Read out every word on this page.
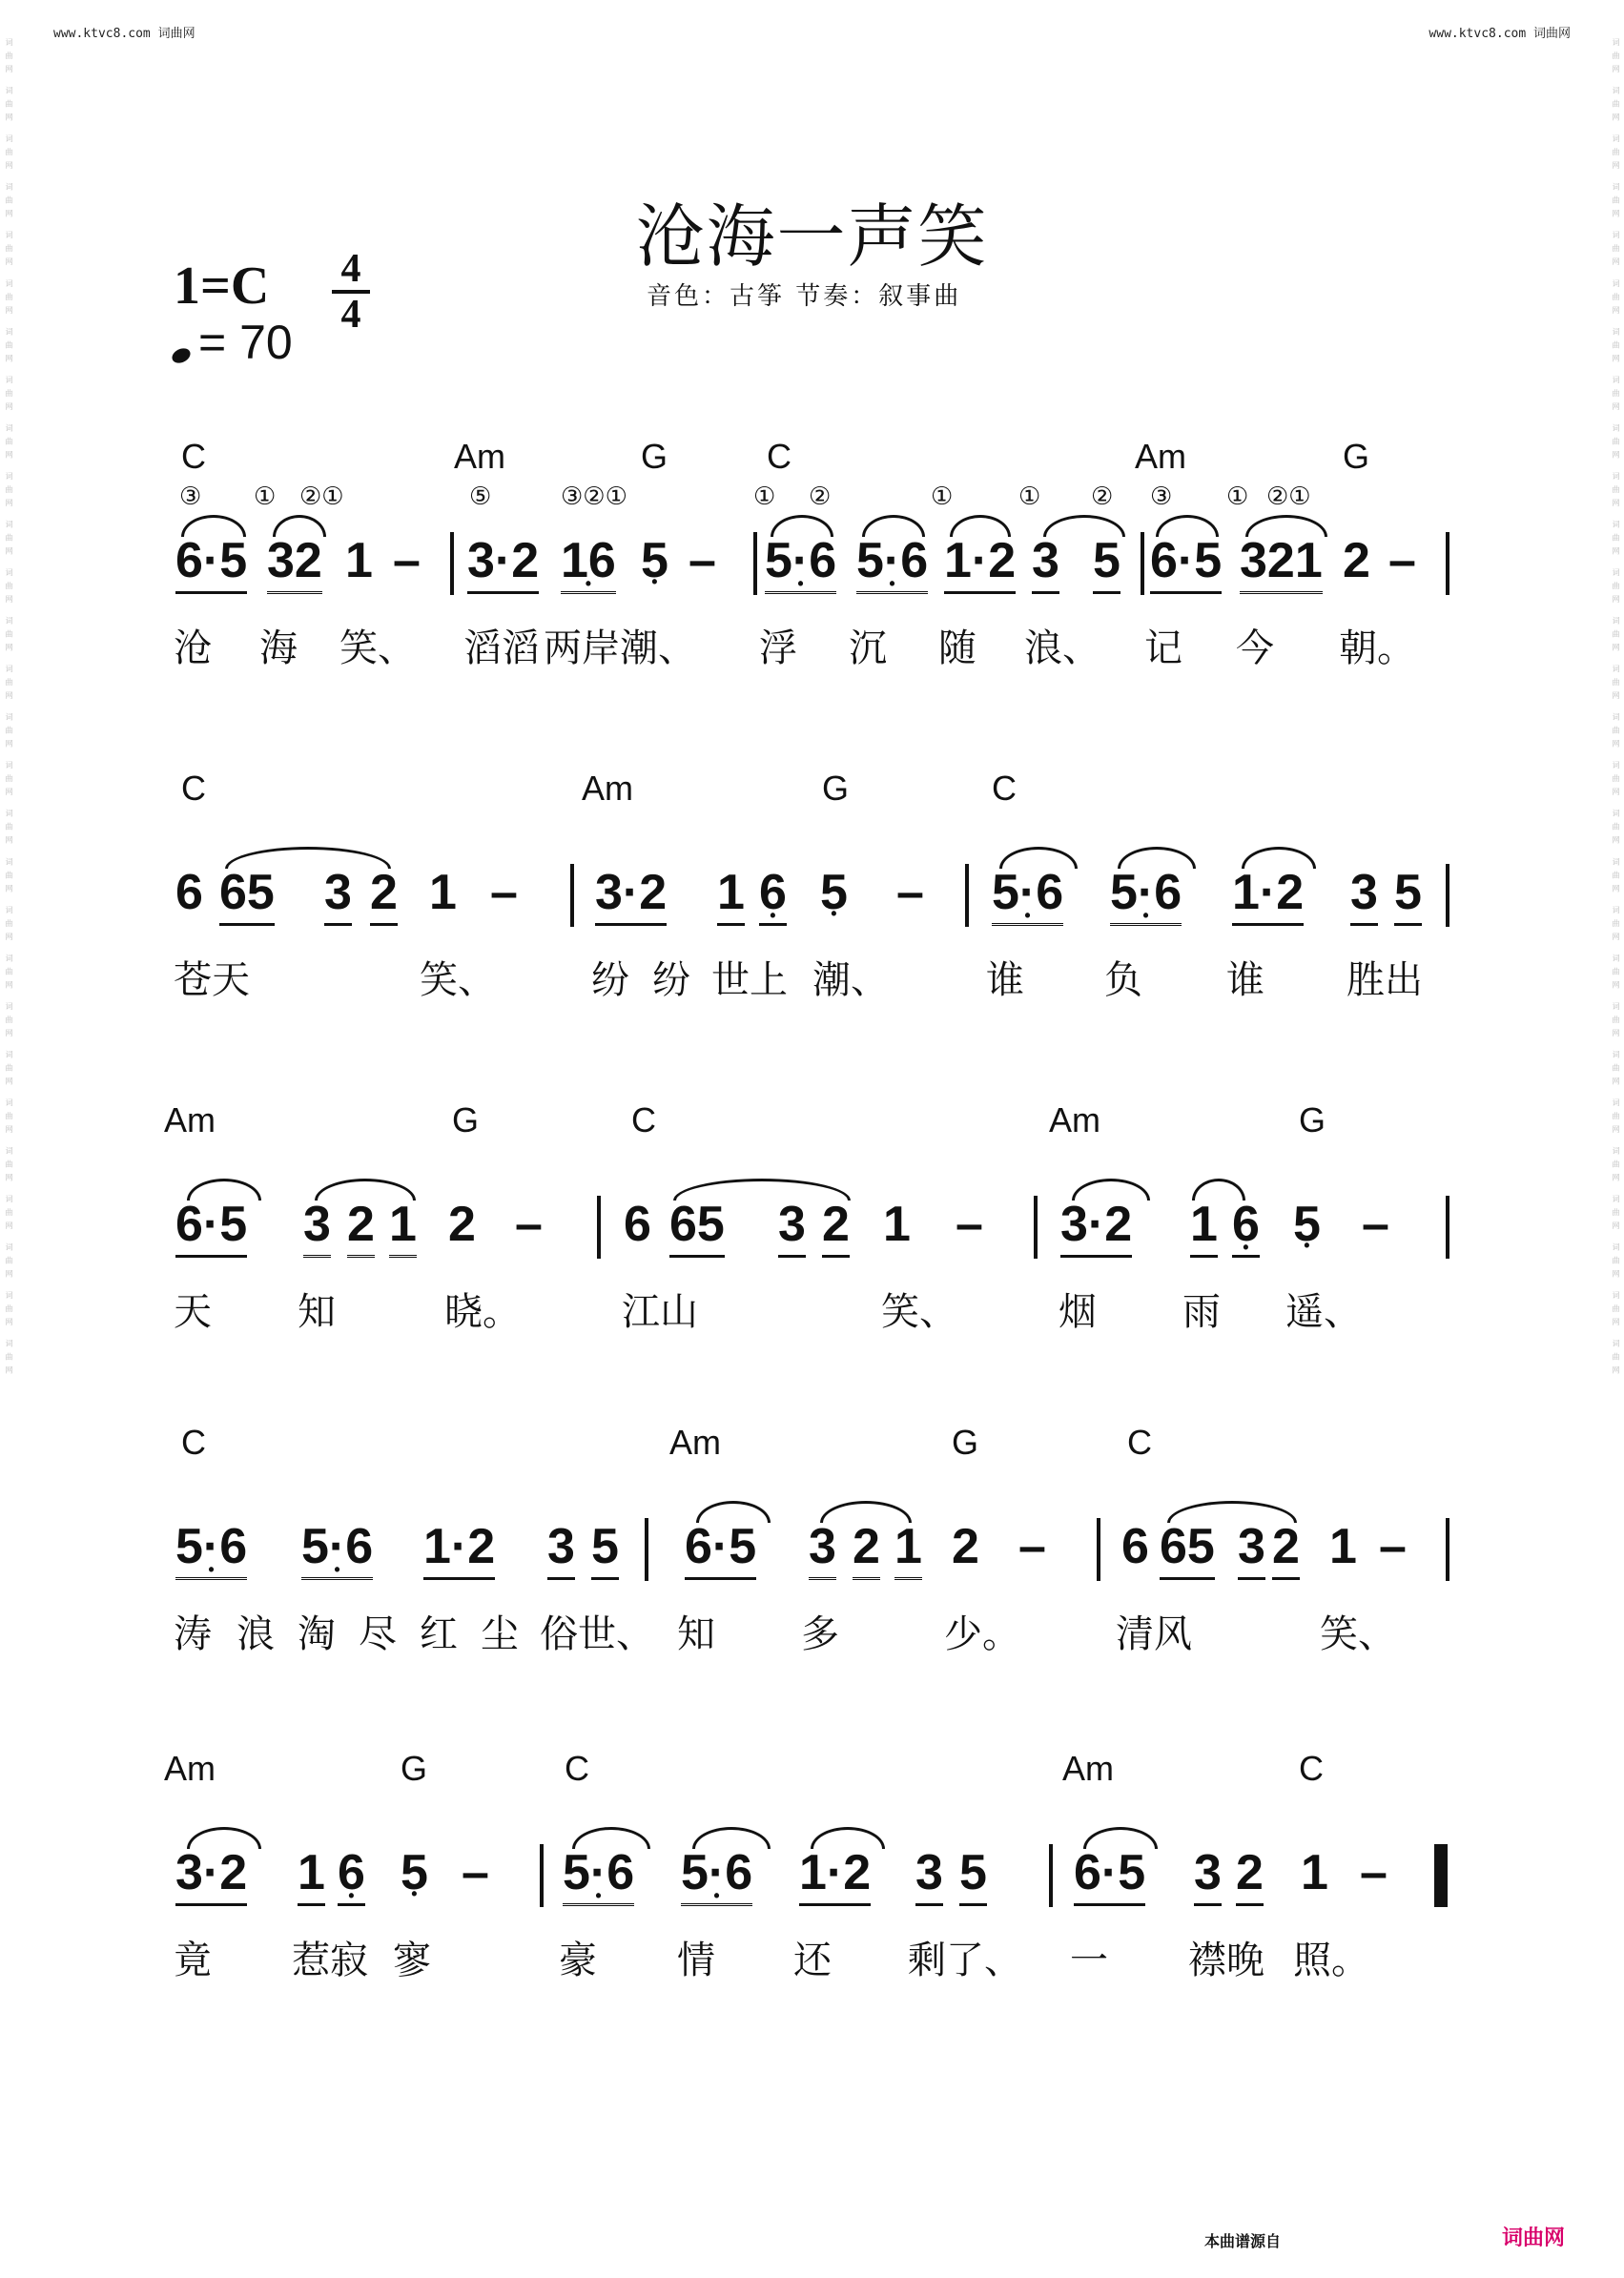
www.ktvc8.com 词曲网	www.ktvc8.com 词曲网
词曲网 词曲网 词曲网 词曲网 词曲网 词曲网 词曲网 词曲网 词曲网 词曲网 词曲网 词曲网 词曲网 词曲网 词曲网 词曲网 词曲网 词曲网 词曲网 词曲网 词曲网 词曲网 词曲网 词曲网 词曲网 词曲网 词曲网 词曲网	词曲网 词曲网 词曲网 词曲网 词曲网 词曲网 词曲网 词曲网 词曲网 词曲网 词曲网 词曲网 词曲网 词曲网 词曲网 词曲网 词曲网 词曲网 词曲网 词曲网 词曲网 词曲网 词曲网 词曲网 词曲网 词曲网 词曲网 词曲网
沧海一声笑
1=C 4
4
= 70
音色：古筝 节奏：叙事曲
C	Am	G	C	Am	G
③ ① ②①	⑤	③②①	① ②	①	① ② ③ ① ②①
6·5 32 1 – 3·2 16 • 5 • – 5·6 • 5·6 • 1·2 3 5 6·5 321 2 –
沧 海 笑、 滔滔 两岸潮、 浮 沉 随 浪、 记 今 朝。
C	Am	G	C
6 65 3 2 1 – 3·2 1 6 • 5 • – 5·6 • 5·6 • 1·2 3 5
苍天	笑、	纷 纷 世上 潮、	谁 负 谁 胜出
Am	G	C	Am	G
6·5 3 2 1 2 – 6 65 3 2 1 – 3·2 1 6 • 5 • –
天 知	晓。	江山	笑、	烟 雨 遥、
C	Am	G	C
5·6 • 5·6 • 1·2 3 5 6·5 3 2 1 2 – 6 65 3 2 1 –
涛 浪 淘 尽 红 尘 俗世、 知 多	少。	清风	笑、
Am	G	C	Am	C
3·2 1 6 • 5 • – 5·6 • 5·6 • 1·2 3 5 6·5 3 2 1 –
竟 惹寂 寥	豪 情 还 剩了、 一 襟晚 照。
本曲谱源自	词曲网
